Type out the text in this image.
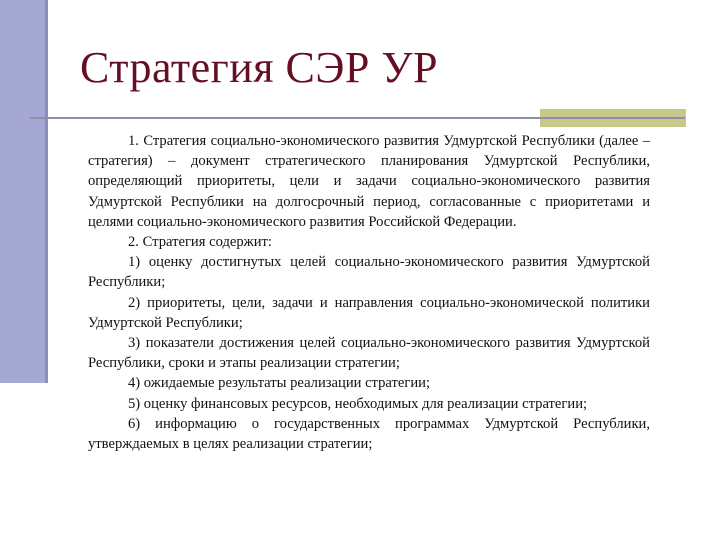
Стратегия СЭР УР

1. Стратегия социально-экономического развития Удмуртской Республики (далее – стратегия) – документ стратегического планирования Удмуртской Республики, определяющий приоритеты, цели и задачи социально-экономического развития Удмуртской Республики на долгосрочный период, согласованные с приоритетами и целями социально-экономического развития Российской Федерации.

2. Стратегия содержит:

1) оценку достигнутых целей социально-экономического развития Удмуртской Республики;

2) приоритеты, цели, задачи и направления социально-экономической политики Удмуртской Республики;

3) показатели достижения целей социально-экономического развития Удмуртской Республики, сроки и этапы реализации стратегии;

4) ожидаемые результаты реализации стратегии;

5) оценку финансовых ресурсов, необходимых для реализации стратегии;

6) информацию о государственных программах Удмуртской Республики, утверждаемых в целях реализации стратегии;
